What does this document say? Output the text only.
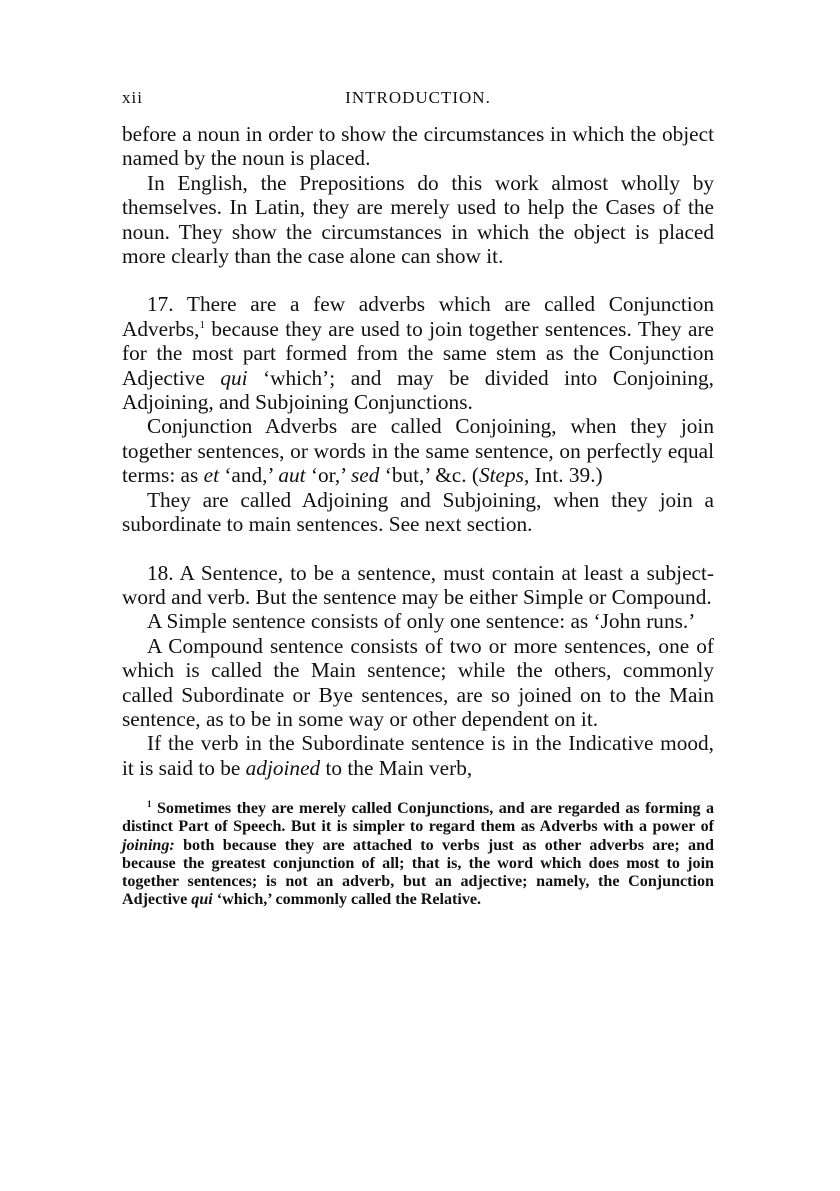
xii	INTRODUCTION.

before a noun in order to show the circumstances in which the object named by the noun is placed.

In English, the Prepositions do this work almost wholly by themselves. In Latin, they are merely used to help the Cases of the noun. They show the circumstances in which the object is placed more clearly than the case alone can show it.

17. There are a few adverbs which are called Conjunction Adverbs,$^1$ because they are used to join together sentences. They are for the most part formed from the same stem as the Conjunction Adjective qui ‘which’; and may be divided into Conjoining, Adjoining, and Subjoining Conjunctions.

Conjunction Adverbs are called Conjoining, when they join together sentences, or words in the same sentence, on perfectly equal terms: as et ‘and,’ aut ‘or,’ sed ‘but,’ &c. (Steps, Int. 39.)

They are called Adjoining and Subjoining, when they join a subordinate to main sentences. See next section.

18. A Sentence, to be a sentence, must contain at least a subject-word and verb. But the sentence may be either Simple or Compound.

A Simple sentence consists of only one sentence: as ‘John runs.’

A Compound sentence consists of two or more sentences, one of which is called the Main sentence; while the others, commonly called Subordinate or Bye sentences, are so joined on to the Main sentence, as to be in some way or other dependent on it.

If the verb in the Subordinate sentence is in the Indicative mood, it is said to be adjoined to the Main verb,

$^1$ Sometimes they are merely called Conjunctions, and are regarded as forming a distinct Part of Speech. But it is simpler to regard them as Adverbs with a power of joining: both because they are attached to verbs just as other adverbs are; and because the greatest conjunction of all; that is, the word which does most to join together sentences; is not an adverb, but an adjective; namely, the Conjunction Adjective qui ‘which,’ commonly called the Relative.
